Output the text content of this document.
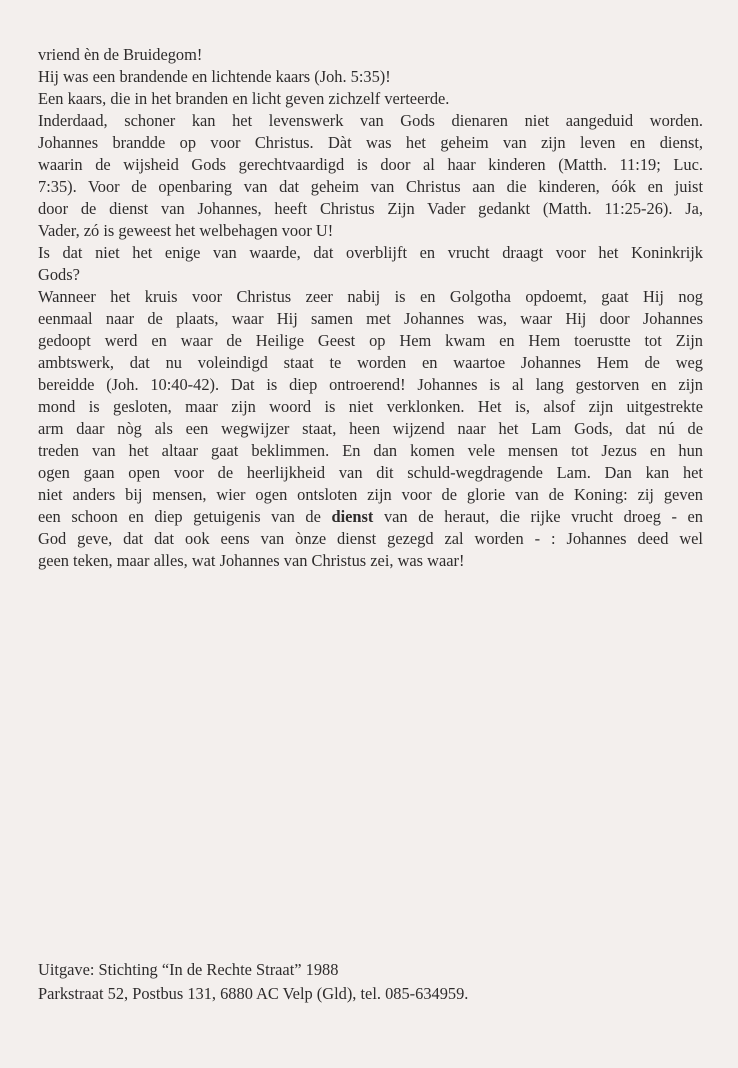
vriend èn de Bruidegom!
Hij was een brandende en lichtende kaars (Joh. 5:35)!
Een kaars, die in het branden en licht geven zichzelf verteerde.
Inderdaad, schoner kan het levenswerk van Gods dienaren niet aangeduid worden.
Johannes brandde op voor Christus. Dàt was het geheim van zijn leven en dienst,
waarin de wijsheid Gods gerechtvaardigd is door al haar kinderen (Matth. 11:19; Luc.
7:35). Voor de openbaring van dat geheim van Christus aan die kinderen, óók en juist
door de dienst van Johannes, heeft Christus Zijn Vader gedankt (Matth. 11:25-26). Ja,
Vader, zó is geweest het welbehagen voor U!
Is dat niet het enige van waarde, dat overblijft en vrucht draagt voor het Koninkrijk
Gods?
Wanneer het kruis voor Christus zeer nabij is en Golgotha opdoemt, gaat Hij nog
eenmaal naar de plaats, waar Hij samen met Johannes was, waar Hij door Johannes
gedoopt werd en waar de Heilige Geest op Hem kwam en Hem toerustte tot Zijn
ambtswerk, dat nu voleindigd staat te worden en waartoe Johannes Hem de weg
bereidde (Joh. 10:40-42). Dat is diep ontroerend! Johannes is al lang gestorven en zijn
mond is gesloten, maar zijn woord is niet verklonken. Het is, alsof zijn uitgestrekte
arm daar nòg als een wegwijzer staat, heen wijzend naar het Lam Gods, dat nú de
treden van het altaar gaat beklimmen. En dan komen vele mensen tot Jezus en hun
ogen gaan open voor de heerlijkheid van dit schuld-wegdragende Lam. Dan kan het
niet anders bij mensen, wier ogen ontsloten zijn voor de glorie van de Koning: zij geven
een schoon en diep getuigenis van de dienst van de heraut, die rijke vrucht droeg - en
God geve, dat dat ook eens van ònze dienst gezegd zal worden - : Johannes deed wel
geen teken, maar alles, wat Johannes van Christus zei, was waar!
Uitgave: Stichting “In de Rechte Straat” 1988
Parkstraat 52, Postbus 131, 6880 AC Velp (Gld), tel. 085-634959.
